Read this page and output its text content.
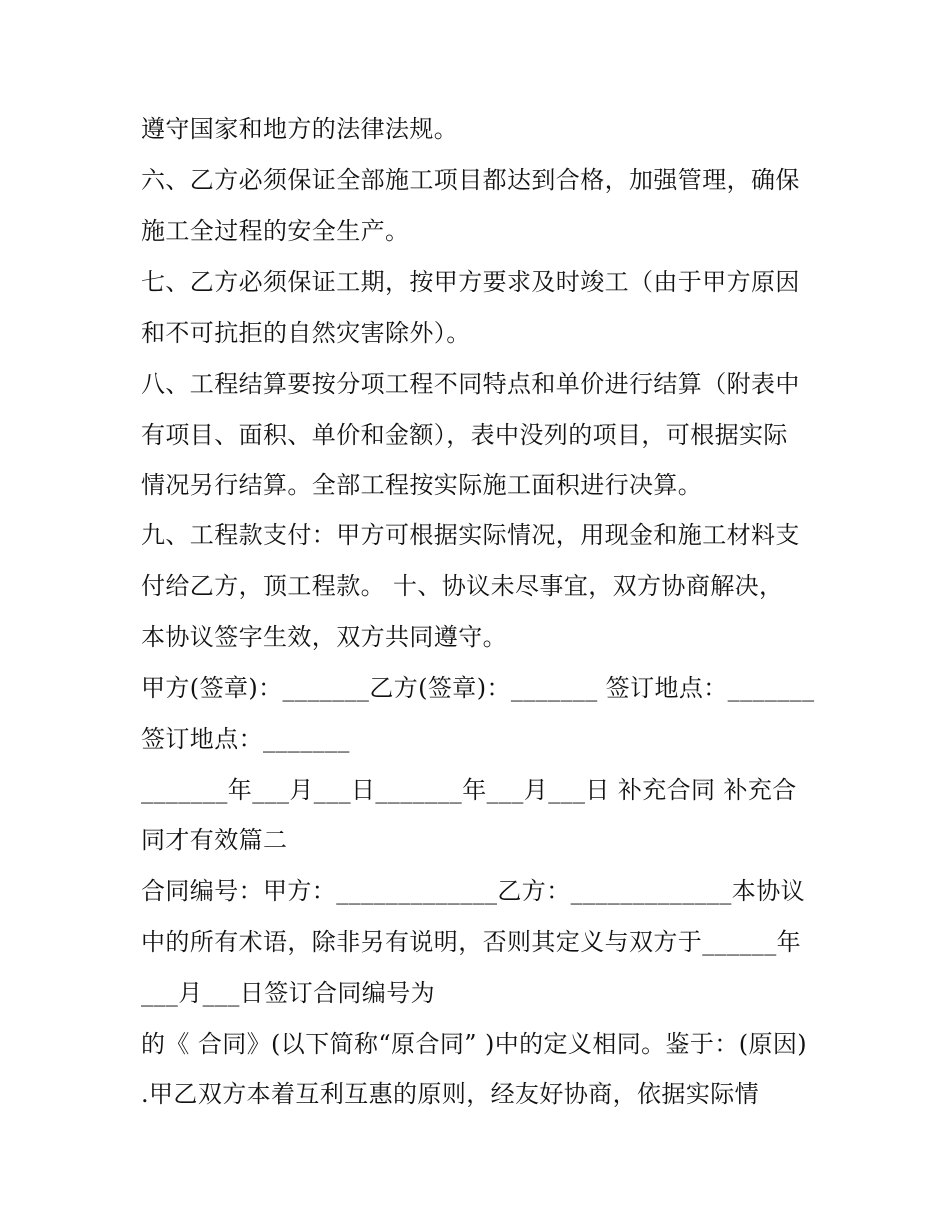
遵守国家和地方的法律法规。
六、乙方必须保证全部施工项目都达到合格，加强管理，确保
施工全过程的安全生产。
七、乙方必须保证工期，按甲方要求及时竣工（由于甲方原因
和不可抗拒的自然灾害除外）。
八、工程结算要按分项工程不同特点和单价进行结算（附表中
有项目、面积、单价和金额），表中没列的项目，可根据实际
情况另行结算。全部工程按实际施工面积进行决算。
九、工程款支付：甲方可根据实际情况，用现金和施工材料支
付给乙方，顶工程款。 十、协议未尽事宜，双方协商解决，
本协议签字生效，双方共同遵守。
甲方(签章)：_______乙方(签章)：_______ 签订地点：_______
签订地点：_______
_______年___月___日_______年___月___日 补充合同 补充合
同才有效篇二
合同编号：甲方：_____________乙方：_____________本协议
中的所有术语，除非另有说明，否则其定义与双方于______年
___月___日签订合同编号为
的《 合同》(以下简称“原合同” )中的定义相同。鉴于：(原因)
.甲乙双方本着互利互惠的原则，经友好协商，依据实际情
